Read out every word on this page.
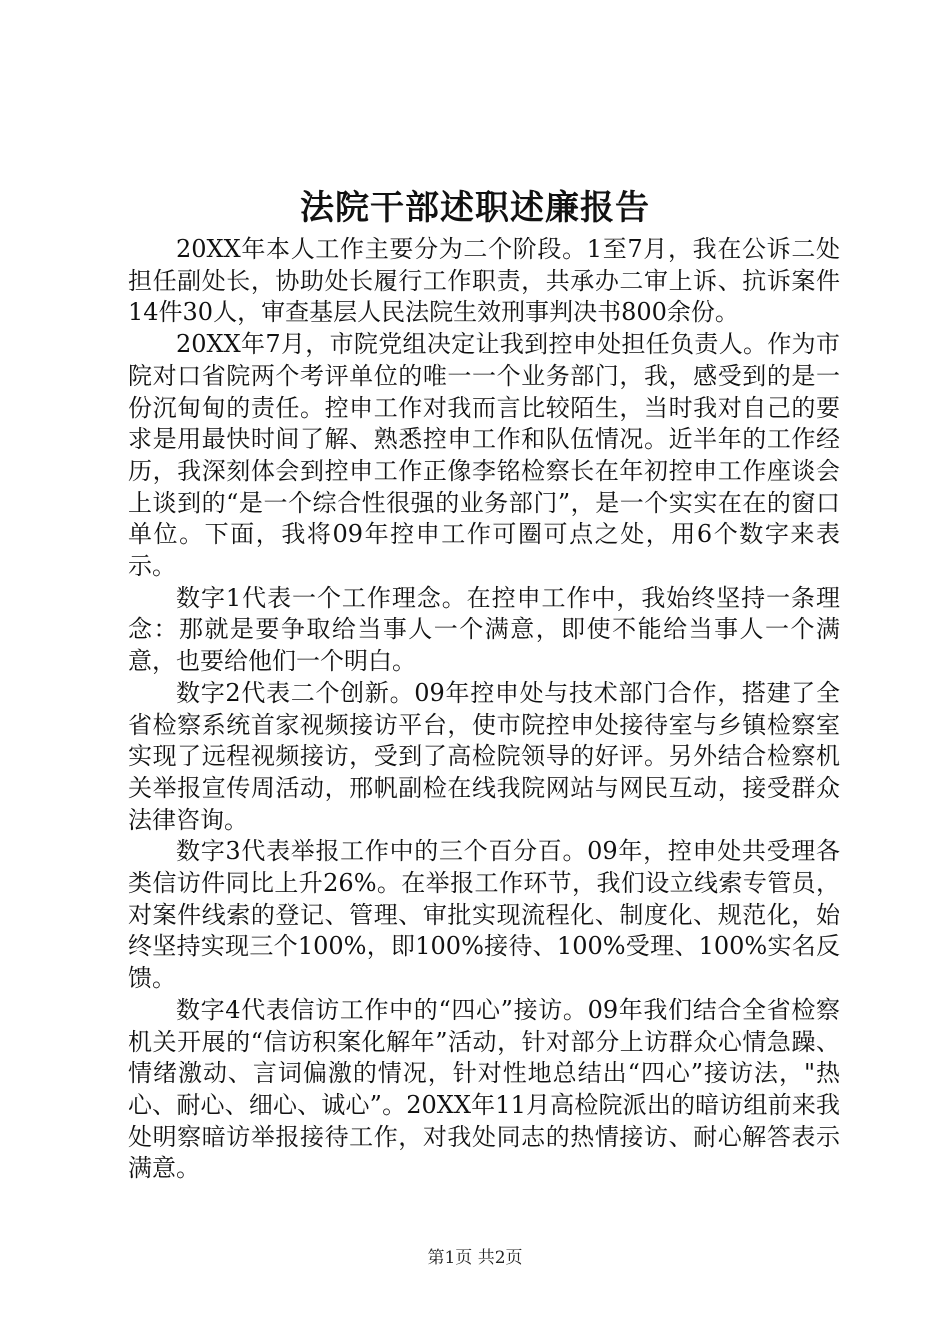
法院干部述职述廉报告

20XX年本人工作主要分为二个阶段。1至7月，我在公诉二处担任副处长，协助处长履行工作职责，共承办二审上诉、抗诉案件14件30人，审查基层人民法院生效刑事判决书800余份。

20XX年7月，市院党组决定让我到控申处担任负责人。作为市院对口省院两个考评单位的唯一一个业务部门，我，感受到的是一份沉甸甸的责任。控申工作对我而言比较陌生，当时我对自己的要求是用最快时间了解、熟悉控申工作和队伍情况。近半年的工作经历，我深刻体会到控申工作正像李铭检察长在年初控申工作座谈会上谈到的“是一个综合性很强的业务部门”，是一个实实在在的窗口单位。下面，我将09年控申工作可圈可点之处，用6个数字来表示。

数字1代表一个工作理念。在控申工作中，我始终坚持一条理念：那就是要争取给当事人一个满意，即使不能给当事人一个满意，也要给他们一个明白。

数字2代表二个创新。09年控申处与技术部门合作，搭建了全省检察系统首家视频接访平台，使市院控申处接待室与乡镇检察室实现了远程视频接访，受到了高检院领导的好评。另外结合检察机关举报宣传周活动，邢帆副检在线我院网站与网民互动，接受群众法律咨询。

数字3代表举报工作中的三个百分百。09年，控申处共受理各类信访件同比上升26%。在举报工作环节，我们设立线索专管员，对案件线索的登记、管理、审批实现流程化、制度化、规范化，始终坚持实现三个100%，即100%接待、100%受理、100%实名反馈。

数字4代表信访工作中的“四心”接访。09年我们结合全省检察机关开展的“信访积案化解年”活动，针对部分上访群众心情急躁、情绪激动、言词偏激的情况，针对性地总结出“四心”接访法，"热心、耐心、细心、诚心”。20XX年11月高检院派出的暗访组前来我处明察暗访举报接待工作，对我处同志的热情接访、耐心解答表示满意。

第1页 共2页
